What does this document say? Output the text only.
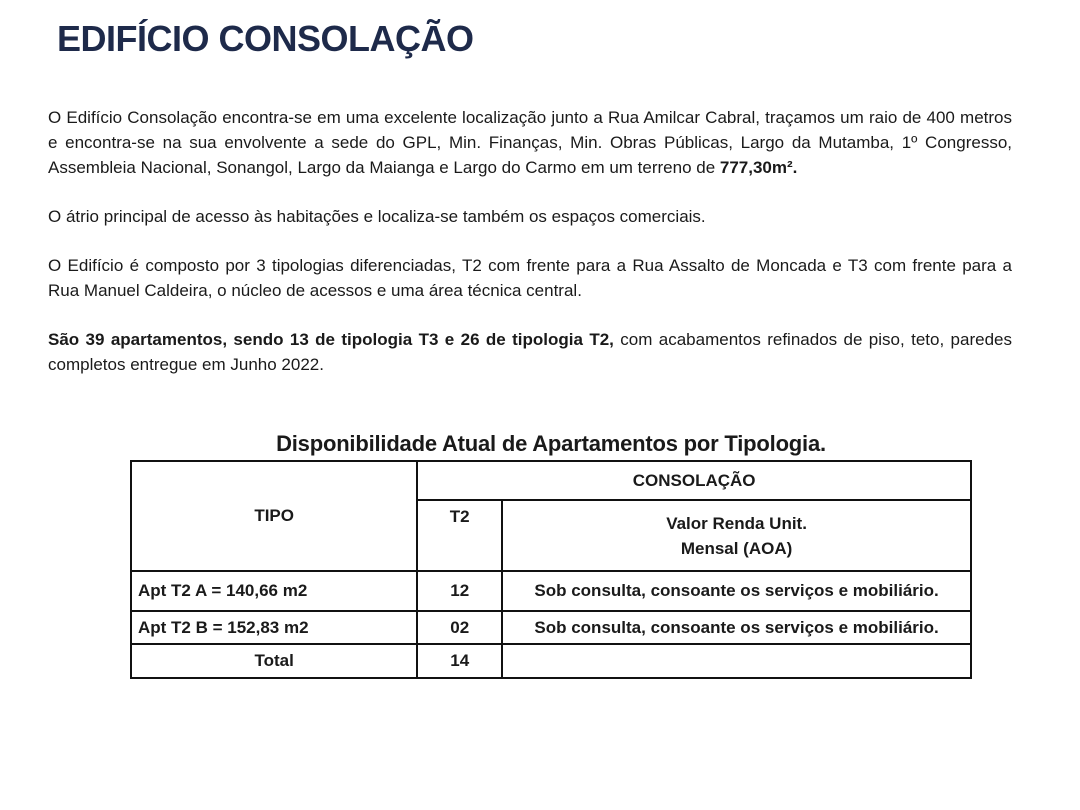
EDIFÍCIO CONSOLAÇÃO

O Edifício Consolação encontra-se em uma excelente localização junto a Rua Amilcar Cabral, traçamos um raio de 400 metros e encontra-se na sua envolvente a sede do GPL, Min. Finanças, Min. Obras Públicas, Largo da Mutamba, 1º Congresso, Assembleia Nacional, Sonangol, Largo da Maianga e Largo do Carmo em um terreno de 777,30m².

O átrio principal de acesso às habitações e localiza-se também os espaços comerciais.

O Edifício é composto por 3 tipologias diferenciadas, T2 com frente para a Rua Assalto de Moncada e T3 com frente para a Rua Manuel Caldeira, o núcleo de acessos e uma área técnica central.

São 39 apartamentos, sendo 13 de tipologia T3 e 26 de tipologia T2, com acabamentos refinados de piso, teto, paredes completos entregue em Junho 2022.

Disponibilidade Atual de Apartamentos por Tipologia.
TIPO	CONSOLAÇÃO	
	T2	Valor Renda Unit.
Mensal (AOA)

Apt T2 A = 140,66 m2	12	Sob consulta, consoante os serviços e mobiliário.
Apt T2 B = 152,83 m2	02	Sob consulta, consoante os serviços e mobiliário.
Total	14	
